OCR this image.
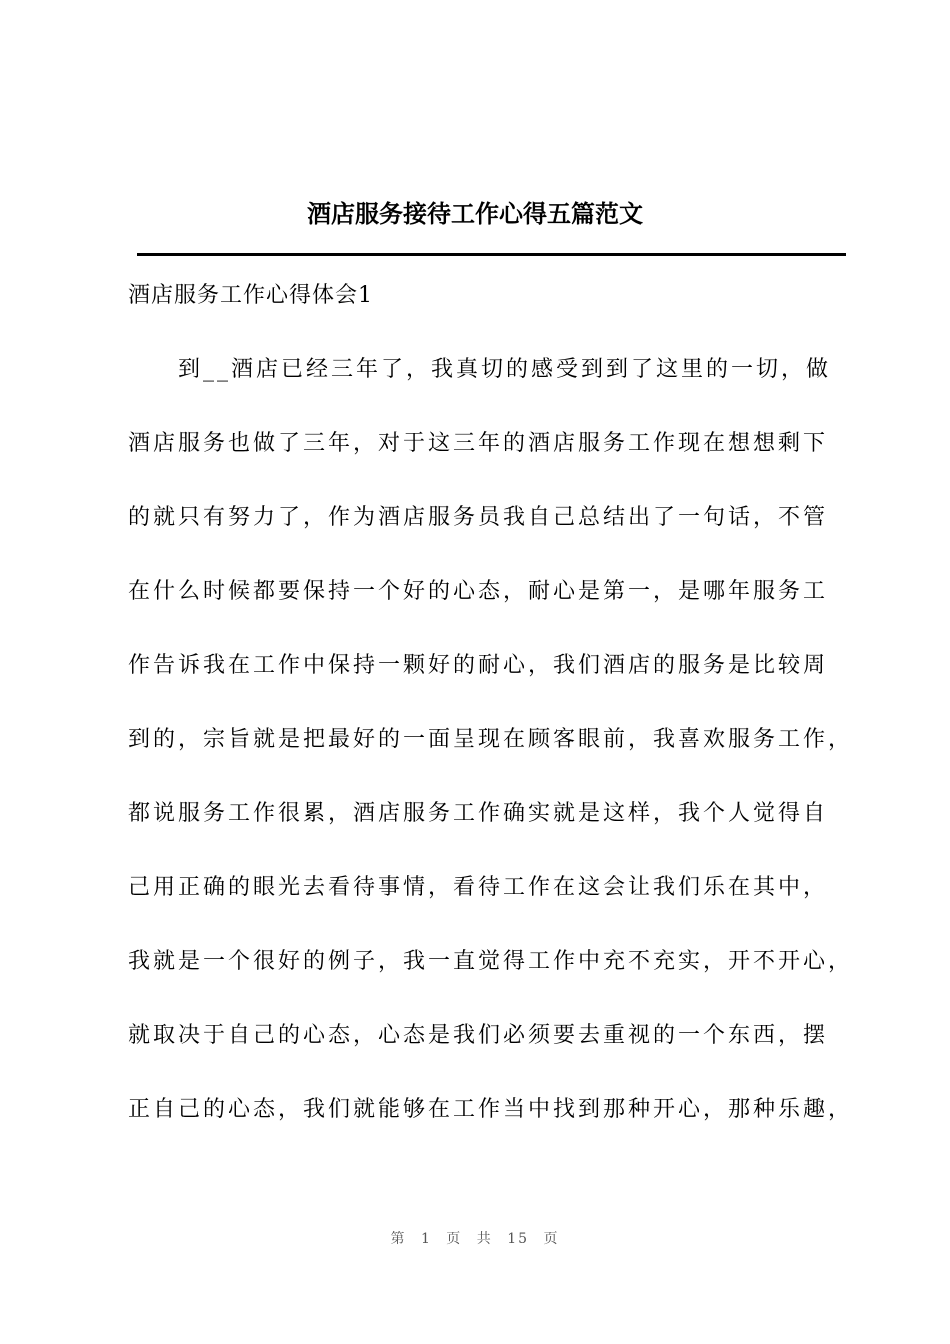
酒店服务接待工作心得五篇范文
酒店服务工作心得体会1
到__酒店已经三年了，我真切的感受到到了这里的一切，做
酒店服务也做了三年，对于这三年的酒店服务工作现在想想剩下
的就只有努力了，作为酒店服务员我自己总结出了一句话，不管
在什么时候都要保持一个好的心态，耐心是第一，是哪年服务工
作告诉我在工作中保持一颗好的耐心，我们酒店的服务是比较周
到的，宗旨就是把最好的一面呈现在顾客眼前，我喜欢服务工作，
都说服务工作很累，酒店服务工作确实就是这样，我个人觉得自
己用正确的眼光去看待事情，看待工作在这会让我们乐在其中，
我就是一个很好的例子，我一直觉得工作中充不充实，开不开心，
就取决于自己的心态，心态是我们必须要去重视的一个东西，摆
正自己的心态，我们就能够在工作当中找到那种开心，那种乐趣，
第 1 页 共 15 页
